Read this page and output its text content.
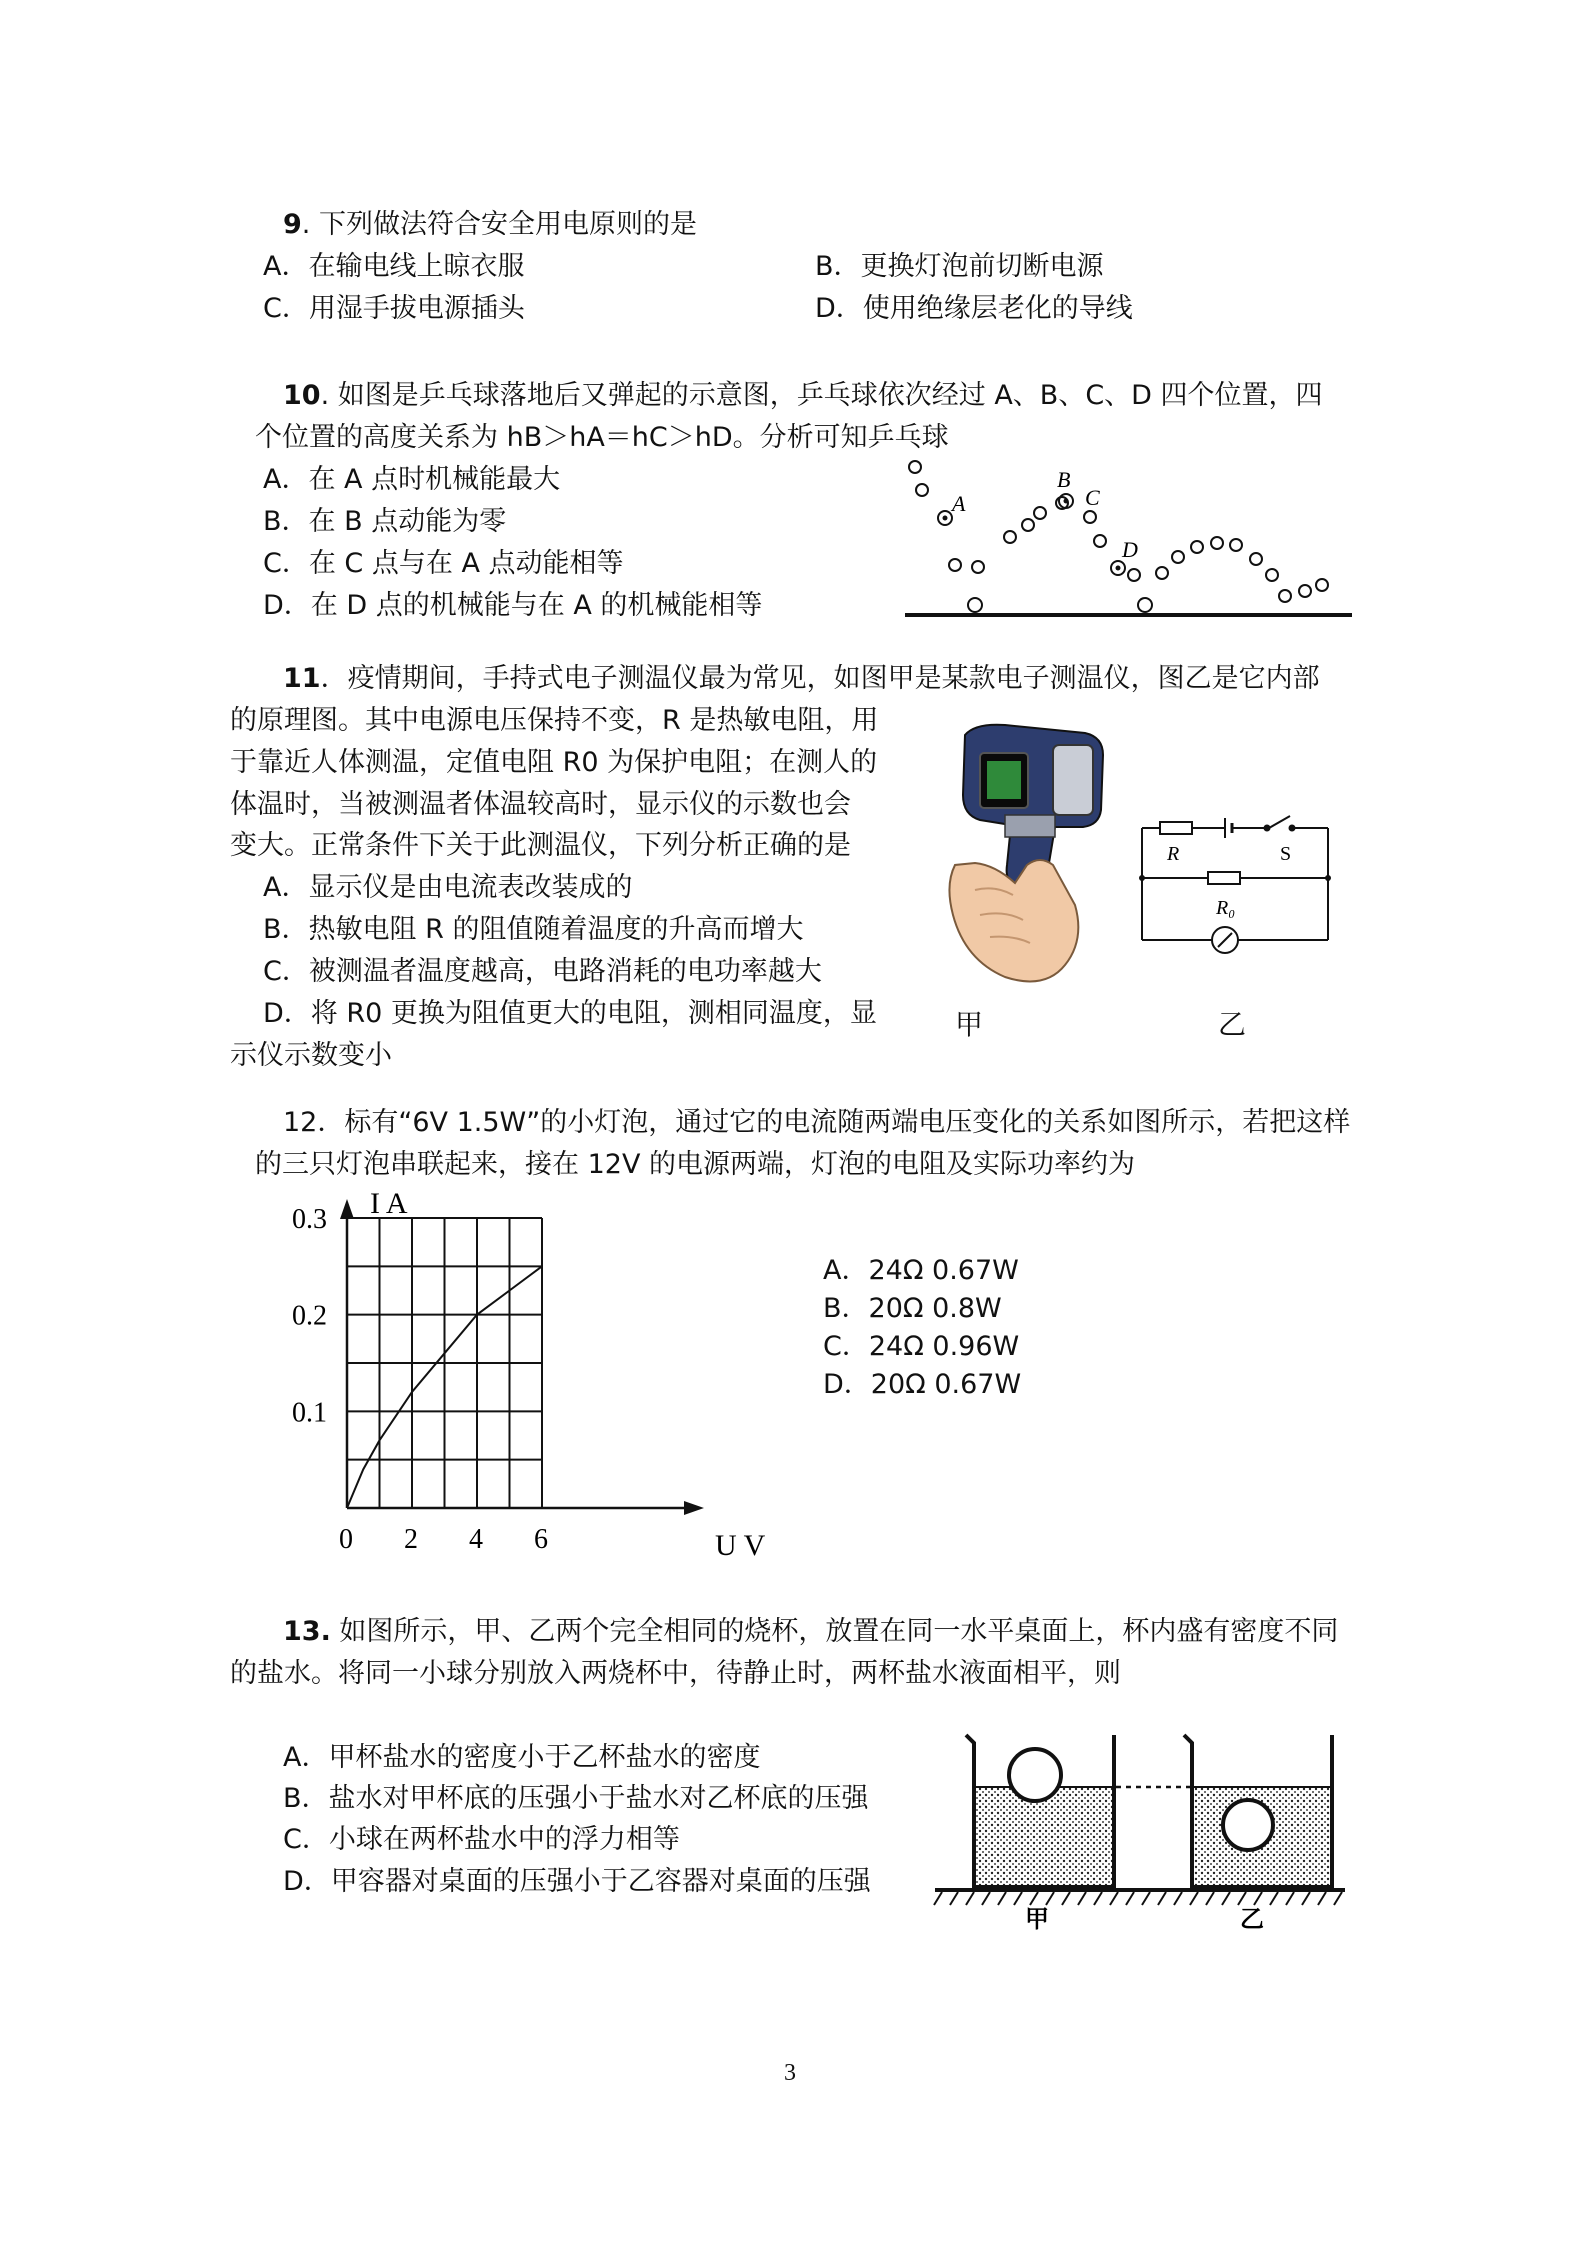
9. 下列做法符合安全用电原则的是
A．在输电线上晾衣服	B．更换灯泡前切断电源
C．用湿手拔电源插头	D．使用绝缘层老化的导线
10. 如图是乒乓球落地后又弹起的示意图，乒乓球依次经过 A、B、C、D 四个位置，四
个位置的高度关系为 hB＞hA＝hC＞hD。分析可知乒乓球
A．在 A 点时机械能最大
B．在 B 点动能为零
C．在 C 点与在 A 点动能相等
D．在 D 点的机械能与在 A 的机械能相等
A
B
C
D
11．疫情期间，手持式电子测温仪最为常见，如图甲是某款电子测温仪，图乙是它内部
的原理图。其中电源电压保持不变，R 是热敏电阻，用
于靠近人体测温，定值电阻 R0 为保护电阻；在测人的
体温时，当被测温者体温较高时，显示仪的示数也会
变大。正常条件下关于此测温仪，下列分析正确的是
A．显示仪是由电流表改装成的
B．热敏电阻 R 的阻值随着温度的升高而增大
C．被测温者温度越高，电路消耗的电功率越大
D．将 R0 更换为阻值更大的电阻，测相同温度，显
示仪示数变小
甲	乙
R	S
R₀
12．标有“6V 1.5W”的小灯泡，通过它的电流随两端电压变化的关系如图所示，若把这样
的三只灯泡串联起来，接在 12V 的电源两端，灯泡的电阻及实际功率约为
0 2 4 6
0.1
0.2
0.3 I A
U V
A．24Ω 0.67W
B．20Ω 0.8W
C．24Ω 0.96W
D．20Ω 0.67W
13. 如图所示，甲、乙两个完全相同的烧杯，放置在同一水平桌面上，杯内盛有密度不同
的盐水。将同一小球分别放入两烧杯中，待静止时，两杯盐水液面相平，则
A．甲杯盐水的密度小于乙杯盐水的密度
B．盐水对甲杯底的压强小于盐水对乙杯底的压强
C．小球在两杯盐水中的浮力相等
D．甲容器对桌面的压强小于乙容器对桌面的压强
甲	乙
3
